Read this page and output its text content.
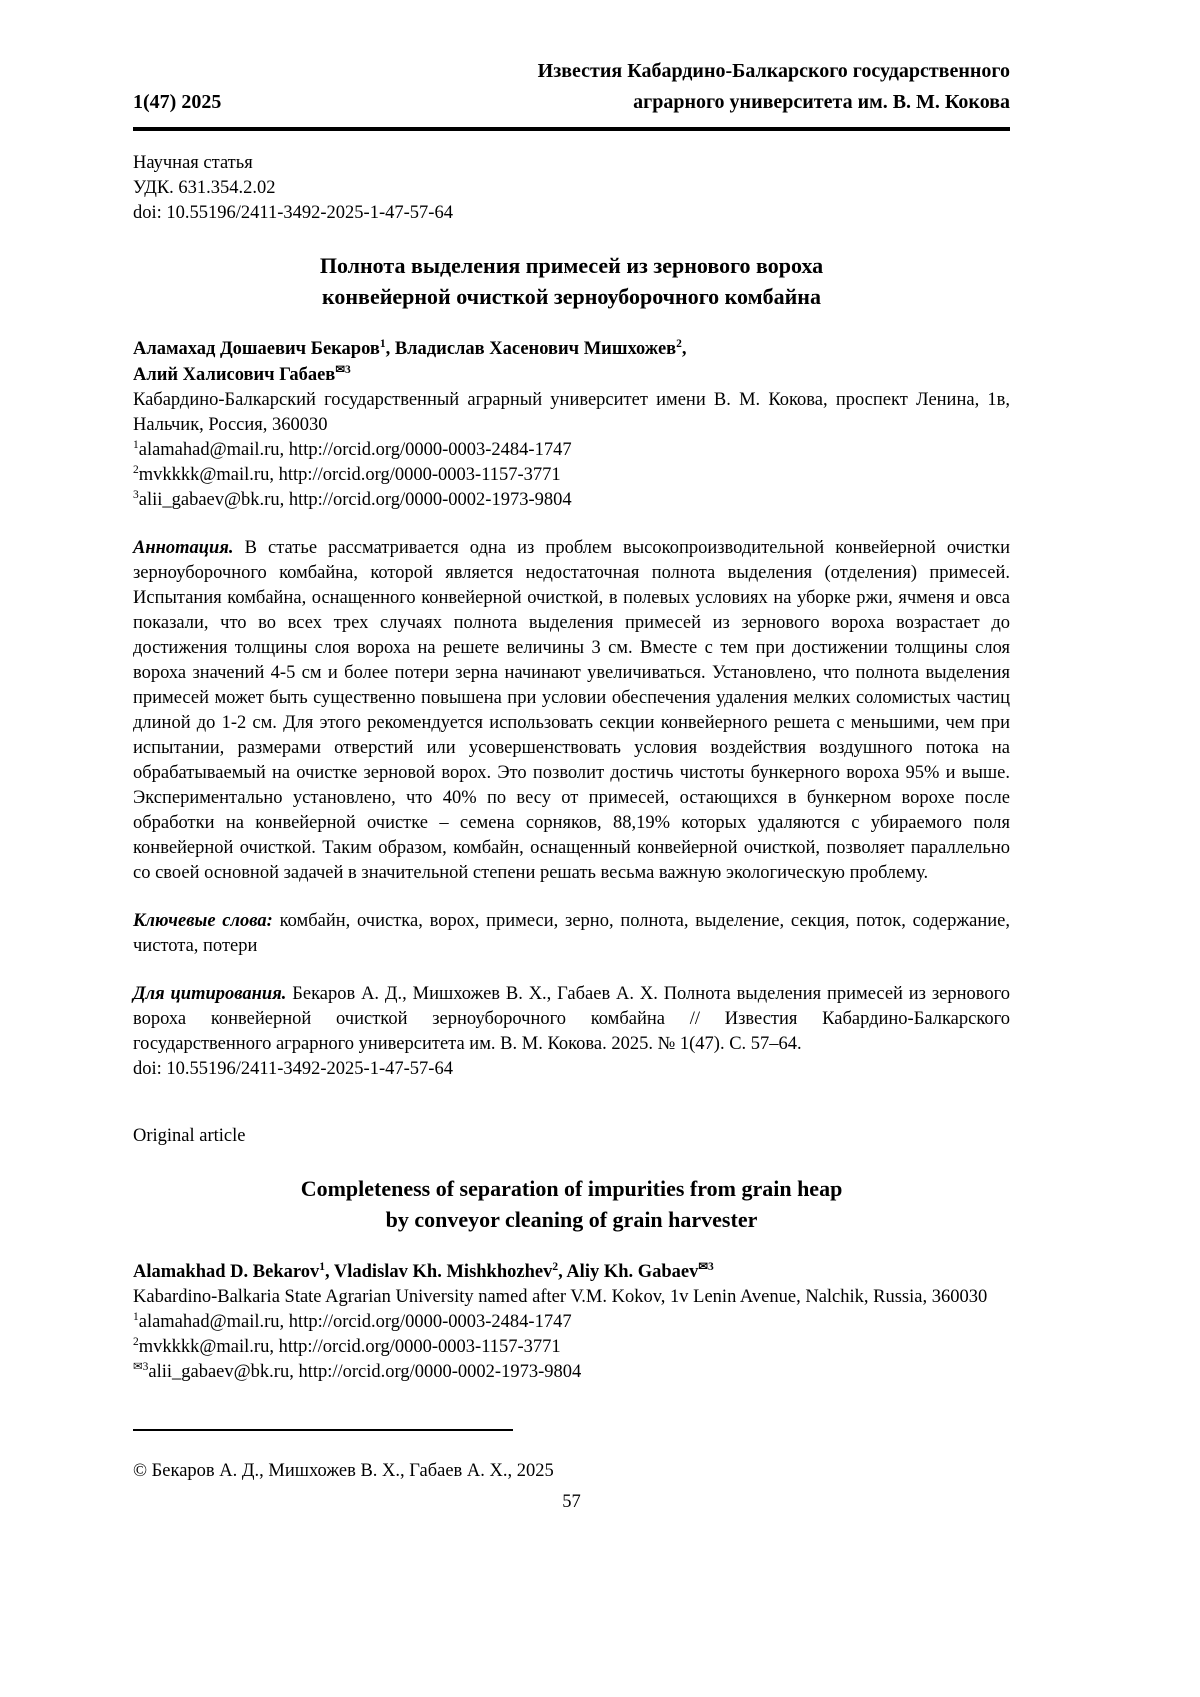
1(47) 2025
Известия Кабардино-Балкарского государственного
аграрного университета им. В. М. Кокова
Научная статья
УДК. 631.354.2.02
doi: 10.55196/2411-3492-2025-1-47-57-64
Полнота выделения примесей из зернового вороха
конвейерной очисткой зерноуборочного комбайна

Аламахад Дошаевич Бекаров$^1$, Владислав Хасенович Мишхожев$^2$,
Алий Халисович Габаев$^{✉3}$

Кабардино-Балкарский государственный аграрный университет имени В. М. Кокова, проспект Ленина, 1в, Нальчик, Россия, 360030

$^1$alamahad@mail.ru, http://orcid.org/0000-0003-2484-1747
$^2$mvkkkk@mail.ru, http://orcid.org/0000-0003-1157-3771
$^3$alii_gabaev@bk.ru, http://orcid.org/0000-0002-1973-9804

Аннотация. В статье рассматривается одна из проблем высокопроизводительной конвейерной очистки зерноуборочного комбайна, которой является недостаточная полнота выделения (отделения) примесей. Испытания комбайна, оснащенного конвейерной очисткой, в полевых условиях на уборке ржи, ячменя и овса показали, что во всех трех случаях полнота выделения примесей из зернового вороха возрастает до достижения толщины слоя вороха на решете величины 3 см. Вместе с тем при достижении толщины слоя вороха значений 4-5 см и более потери зерна начинают увеличиваться. Установлено, что полнота выделения примесей может быть существенно повышена при условии обеспечения удаления мелких соломистых частиц длиной до 1-2 см. Для этого рекомендуется использовать секции конвейерного решета с меньшими, чем при испытании, размерами отверстий или усовершенствовать условия воздействия воздушного потока на обрабатываемый на очистке зерновой ворох. Это позволит достичь чистоты бункерного вороха 95% и выше. Экспериментально установлено, что 40% по весу от примесей, остающихся в бункерном ворохе после обработки на конвейерной очистке – семена сорняков, 88,19% которых удаляются с убираемого поля конвейерной очисткой. Таким образом, комбайн, оснащенный конвейерной очисткой, позволяет параллельно со своей основной задачей в значительной степени решать весьма важную экологическую проблему.

Ключевые слова: комбайн, очистка, ворох, примеси, зерно, полнота, выделение, секция, поток, содержание, чистота, потери

Для цитирования. Бекаров А. Д., Мишхожев В. Х., Габаев А. Х. Полнота выделения примесей из зернового вороха конвейерной очисткой зерноуборочного комбайна // Известия Кабардино-Балкарского государственного аграрного университета им. В. М. Кокова. 2025. № 1(47). С. 57–64.
doi: 10.55196/2411-3492-2025-1-47-57-64

Original article

Completeness of separation of impurities from grain heap
by conveyor cleaning of grain harvester

Alamakhad D. Bekarov$^1$, Vladislav Kh. Mishkhozhev$^2$, Aliy Kh. Gabaev$^{✉3}$

Kabardino-Balkaria State Agrarian University named after V.M. Kokov, 1v Lenin Avenue, Nalchik, Russia, 360030

$^1$alamahad@mail.ru, http://orcid.org/0000-0003-2484-1747
$^2$mvkkkk@mail.ru, http://orcid.org/0000-0003-1157-3771
$^{✉3}$alii_gabaev@bk.ru, http://orcid.org/0000-0002-1973-9804

© Бекаров А. Д., Мишхожев В. Х., Габаев А. Х., 2025

57
